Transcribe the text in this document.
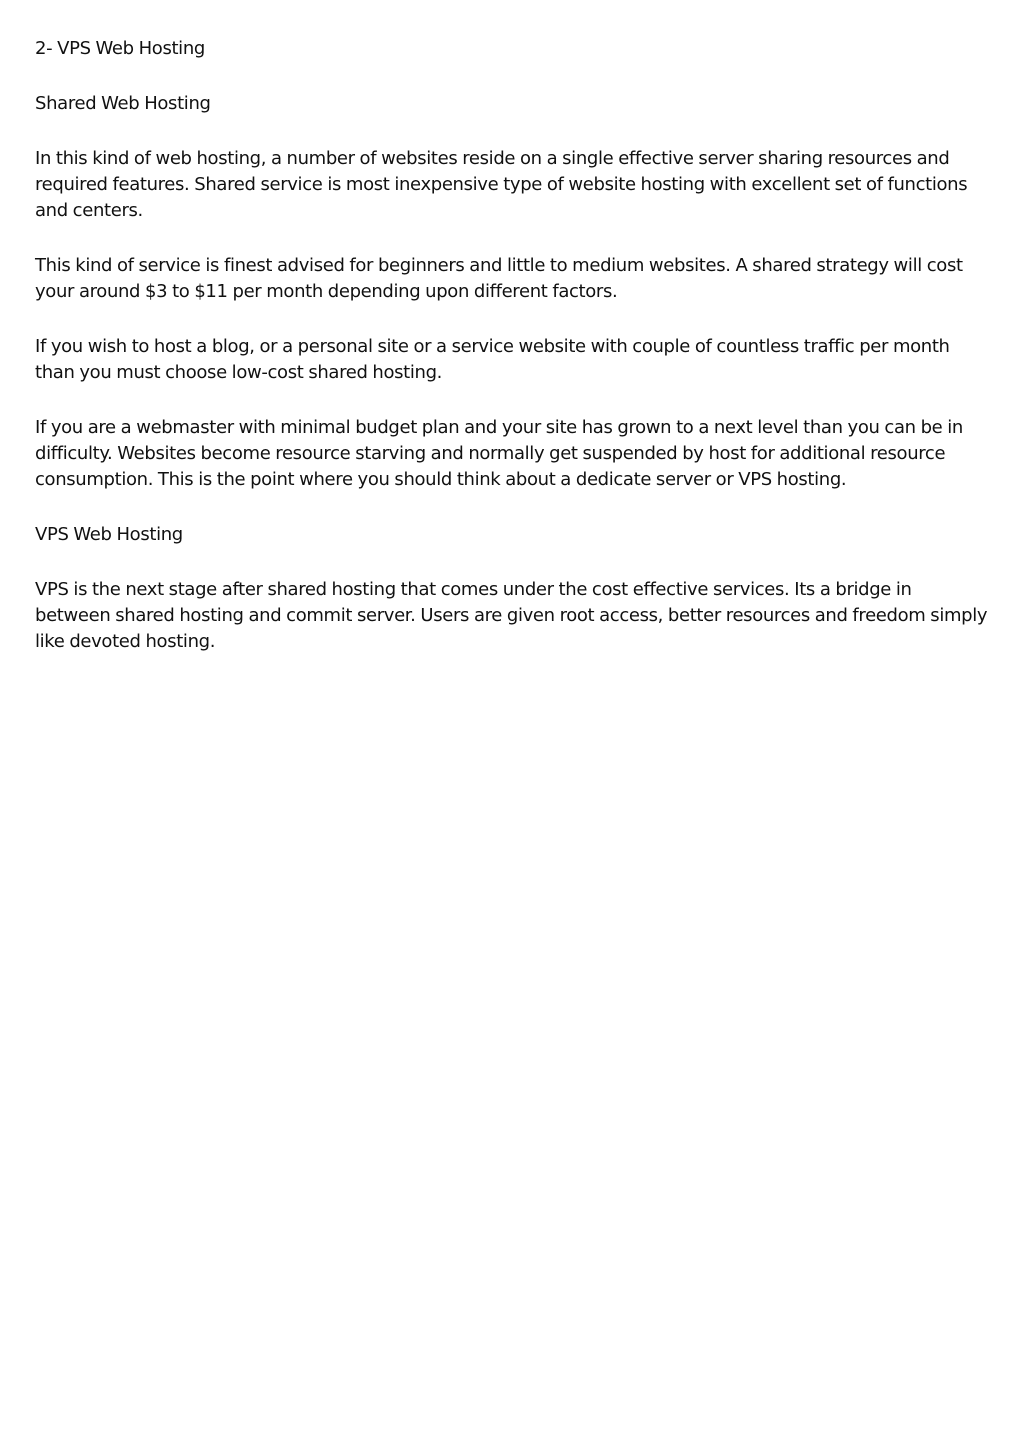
2- VPS Web Hosting

Shared Web Hosting

In this kind of web hosting, a number of websites reside on a single effective server sharing resources and required features. Shared service is most inexpensive type of website hosting with excellent set of functions and centers.

This kind of service is finest advised for beginners and little to medium websites. A shared strategy will cost your around $3 to $11 per month depending upon different factors.

If you wish to host a blog, or a personal site or a service website with couple of countless traffic per month than you must choose low-cost shared hosting.

If you are a webmaster with minimal budget plan and your site has grown to a next level than you can be in difficulty. Websites become resource starving and normally get suspended by host for additional resource consumption. This is the point where you should think about a dedicate server or VPS hosting.

VPS Web Hosting

VPS is the next stage after shared hosting that comes under the cost effective services. Its a bridge in between shared hosting and commit server. Users are given root access, better resources and freedom simply like devoted hosting.
